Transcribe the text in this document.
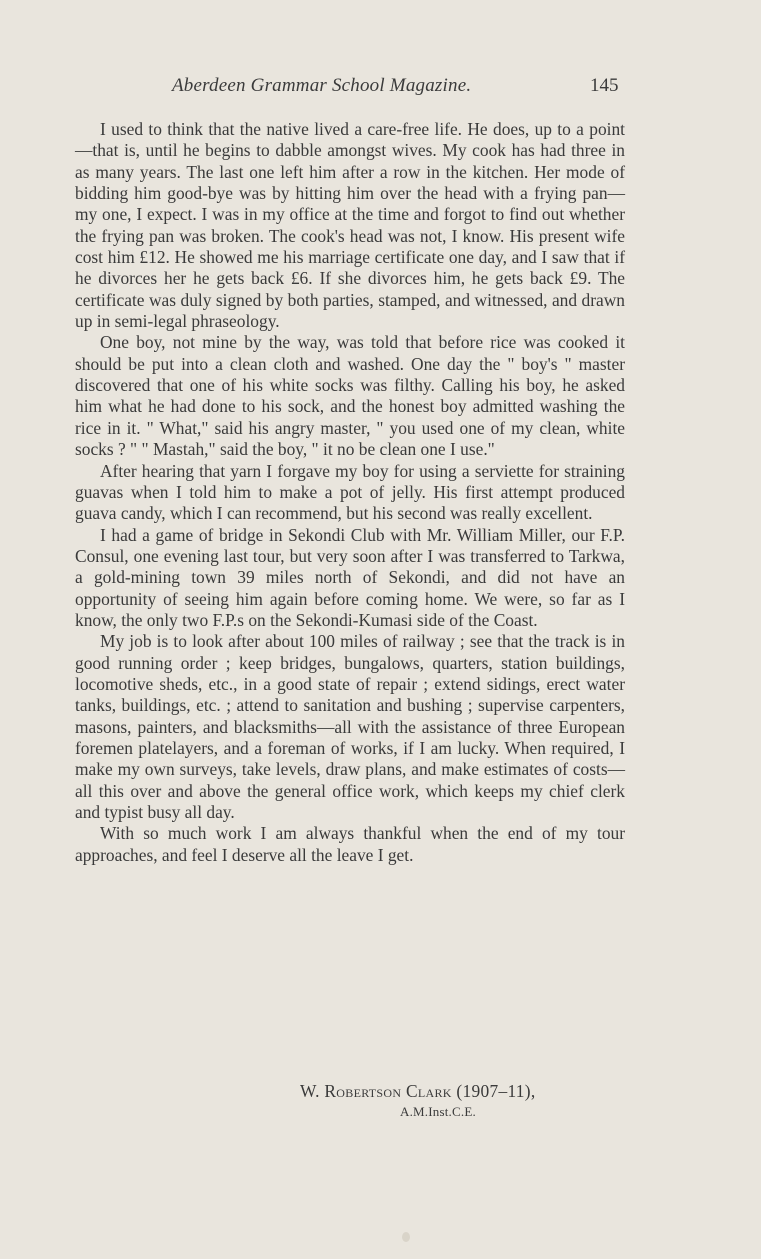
Aberdeen Grammar School Magazine.	145

I used to think that the native lived a care-free life. He does, up to a point—that is, until he begins to dabble amongst wives. My cook has had three in as many years. The last one left him after a row in the kitchen. Her mode of bidding him good-bye was by hitting him over the head with a frying pan—my one, I expect. I was in my office at the time and forgot to find out whether the frying pan was broken. The cook's head was not, I know. His present wife cost him £12. He showed me his marriage certificate one day, and I saw that if he divorces her he gets back £6. If she divorces him, he gets back £9. The certificate was duly signed by both parties, stamped, and witnessed, and drawn up in semi-legal phraseology.

One boy, not mine by the way, was told that before rice was cooked it should be put into a clean cloth and washed. One day the " boy's " master discovered that one of his white socks was filthy. Calling his boy, he asked him what he had done to his sock, and the honest boy admitted washing the rice in it. " What," said his angry master, " you used one of my clean, white socks ? " " Mastah," said the boy, " it no be clean one I use."

After hearing that yarn I forgave my boy for using a serviette for straining guavas when I told him to make a pot of jelly. His first attempt produced guava candy, which I can recommend, but his second was really excellent.

I had a game of bridge in Sekondi Club with Mr. William Miller, our F.P. Consul, one evening last tour, but very soon after I was transferred to Tarkwa, a gold-mining town 39 miles north of Sekondi, and did not have an opportunity of seeing him again before coming home. We were, so far as I know, the only two F.P.s on the Sekondi-Kumasi side of the Coast.

My job is to look after about 100 miles of railway ; see that the track is in good running order ; keep bridges, bungalows, quarters, station buildings, locomotive sheds, etc., in a good state of repair ; extend sidings, erect water tanks, buildings, etc. ; attend to sanitation and bushing ; supervise carpenters, masons, painters, and blacksmiths—all with the assistance of three European foremen platelayers, and a foreman of works, if I am lucky. When required, I make my own surveys, take levels, draw plans, and make estimates of costs—all this over and above the general office work, which keeps my chief clerk and typist busy all day.

With so much work I am always thankful when the end of my tour approaches, and feel I deserve all the leave I get.

W. Robertson Clark (1907–11),

A.M.Inst.C.E.
